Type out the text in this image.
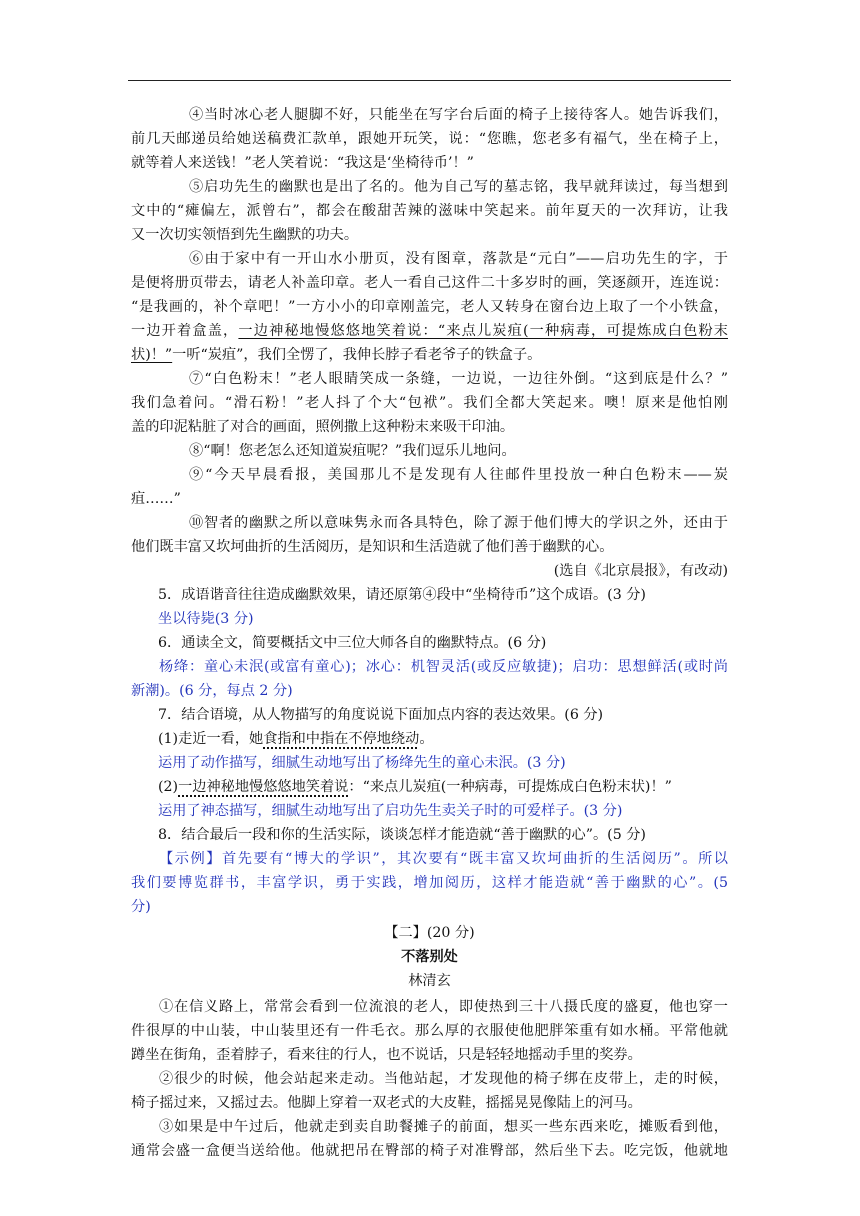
④当时冰心老人腿脚不好，只能坐在写字台后面的椅子上接待客人。她告诉我们，
前几天邮递员给她送稿费汇款单，跟她开玩笑，说：“您瞧，您老多有福气，坐在椅子上，
就等着人来送钱！”老人笑着说：“我这是‘坐椅待币’！”
⑤启功先生的幽默也是出了名的。他为自己写的墓志铭，我早就拜读过，每当想到
文中的“瘫偏左，派曾右”，都会在酸甜苦辣的滋味中笑起来。前年夏天的一次拜访，让我
又一次切实领悟到先生幽默的功夫。
⑥由于家中有一开山水小册页，没有图章，落款是“元白”——启功先生的字，于
是便将册页带去，请老人补盖印章。老人一看自己这件二十多岁时的画，笑逐颜开，连连说：
“是我画的，补个章吧！”一方小小的印章刚盖完，老人又转身在窗台边上取了一个小铁盒，
一边开着盒盖，一边神秘地慢悠悠地笑着说：“来点儿炭疽(一种病毒，可提炼成白色粉末
状)！”一听“炭疽”，我们全愣了，我伸长脖子看老爷子的铁盒子。
⑦“白色粉末！”老人眼睛笑成一条缝，一边说，一边往外倒。“这到底是什么？”
我们急着问。“滑石粉！”老人抖了个大“包袱”。我们全都大笑起来。噢！原来是他怕刚
盖的印泥粘脏了对合的画面，照例撒上这种粉末来吸干印油。
⑧“啊！您老怎么还知道炭疽呢？”我们逗乐儿地问。
⑨“今天早晨看报，美国那儿不是发现有人往邮件里投放一种白色粉末——炭
疽……”
⑩智者的幽默之所以意味隽永而各具特色，除了源于他们博大的学识之外，还由于
他们既丰富又坎坷曲折的生活阅历，是知识和生活造就了他们善于幽默的心。
(选自《北京晨报》，有改动)
5．成语谐音往往造成幽默效果，请还原第④段中“坐椅待币”这个成语。(3 分)
坐以待毙(3 分)
6．通读全文，简要概括文中三位大师各自的幽默特点。(6 分)
杨绛：童心未泯(或富有童心)；冰心：机智灵活(或反应敏捷)；启功：思想鲜活(或时尚
新潮)。(6 分，每点 2 分)
7．结合语境，从人物描写的角度说说下面加点内容的表达效果。(6 分)
(1)走近一看，她食指和中指在不停地绕动。
运用了动作描写，细腻生动地写出了杨绛先生的童心未泯。(3 分)
(2)一边神秘地慢悠悠地笑着说：“来点儿炭疽(一种病毒，可提炼成白色粉末状)！”
运用了神态描写，细腻生动地写出了启功先生卖关子时的可爱样子。(3 分)
8．结合最后一段和你的生活实际，谈谈怎样才能造就“善于幽默的心”。(5 分)
【示例】首先要有“博大的学识”，其次要有“既丰富又坎坷曲折的生活阅历”。所以
我们要博览群书，丰富学识，勇于实践，增加阅历，这样才能造就“善于幽默的心”。(5
分)
【二】(20 分)
不落别处
林清玄
①在信义路上，常常会看到一位流浪的老人，即使热到三十八摄氏度的盛夏，他也穿一
件很厚的中山装，中山装里还有一件毛衣。那么厚的衣服使他肥胖笨重有如水桶。平常他就
蹲坐在街角，歪着脖子，看来往的行人，也不说话，只是轻轻地摇动手里的奖券。
②很少的时候，他会站起来走动。当他站起，才发现他的椅子绑在皮带上，走的时候，
椅子摇过来，又摇过去。他脚上穿着一双老式的大皮鞋，摇摇晃晃像陆上的河马。
③如果是中午过后，他就走到卖自助餐摊子的前面，想买一些东西来吃，摊贩看到他，
通常会盛一盒便当送给他。他就把吊在臀部的椅子对准臀部，然后坐下去。吃完饭，他就地
